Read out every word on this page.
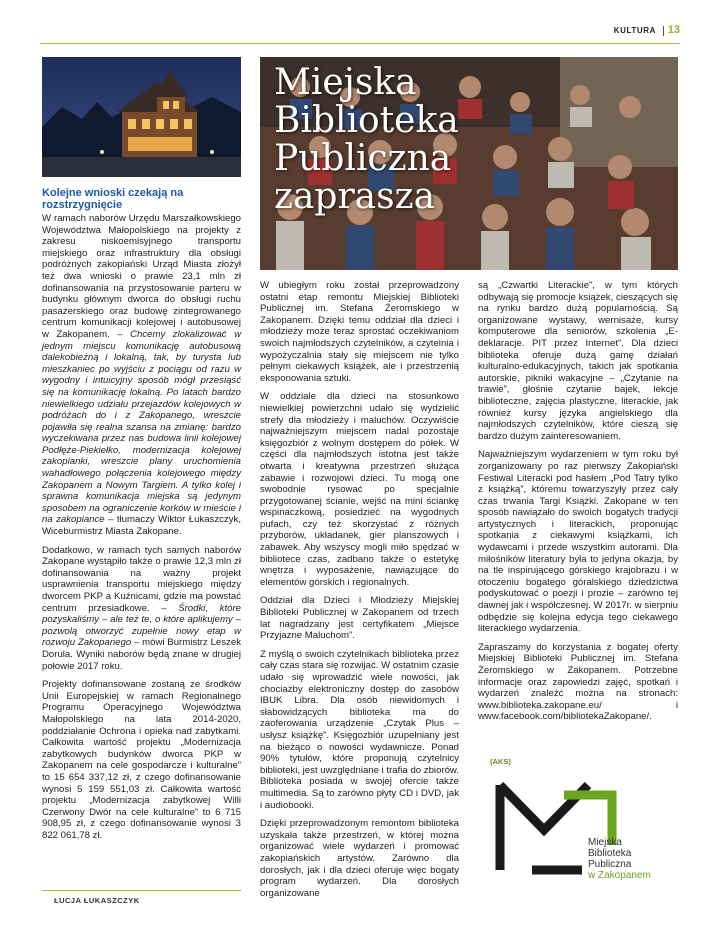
KULTURA 13
Miejska
Biblioteka
Publiczna
zaprasza
Kolejne wnioski czekają na rozstrzygnięcie

W ramach naborów Urzędu Marszałkowskiego Województwa Małopolskiego na projekty z zakresu niskoemisyjnego transportu miejskiego oraz infrastruktury dla obsługi podróżnych zakopiański Urząd Miasta złożył też dwa wnioski o prawie 23,1 mln zł dofinansowania na przystosowanie parteru w budynku głównym dworca do obsługi ruchu pasażerskiego oraz budowę zintegrowanego centrum komunikacji kolejowej i autobusowej w Zakopanem. – Chcemy zlokalizować w jednym miejscu komunikację autobusową dalekobieżną i lokalną, tak, by turysta lub mieszkaniec po wyjściu z pociągu od razu w wygodny i intuicyjny sposób mógł przesiąść się na komunikację lokalną. Po latach bardzo niewielkiego udziału przejazdów kolejowych w podróżach do i z Zakopanego, wreszcie pojawiła się realna szansa na zmianę: bardzo wyczekiwana przez nas budowa linii kolejowej Podłęże-Piekiełko, modernizacja kolejowej zakopianki, wreszcie plany uruchomienia wahadłowego połączenia kolejowego między Zakopanem a Nowym Targiem. A tylko kolej i sprawna komunikacja miejska są jedynym sposobem na ograniczenie korków w mieście i na zakopiance – tłumaczy Wiktor Łukaszczyk, Wiceburmistrz Miasta Zakopane.

Dodatkowo, w ramach tych samych naborów Zakopane wystąpiło także o prawie 12,3 mln zł dofinansowania na ważny projekt usprawnienia transportu miejskiego między dworcem PKP a Kuźnicami, gdzie ma powstać centrum przesiadkowe. – Środki, które pozyskaliśmy – ale też te, o które aplikujemy – pozwolą otworzyć zupełnie nowy etap w rozwoju Zakopanego – mówi Burmistrz Leszek Dorula. Wyniki naborów będą znane w drugiej połowie 2017 roku.

Projekty dofinansowane zostaną ze środków Unii Europejskiej w ramach Regionalnego Programu Operacyjnego Województwa Małopolskiego na lata 2014-2020, poddziałanie Ochrona i opieka nad zabytkami. Całkowita wartość projektu „Modernizacja zabytkowych budynków dworca PKP w Zakopanem na cele gospodarcze i kulturalne” to 15 654 337,12 zł, z czego dofinansowanie wynosi 5 159 551,03 zł. Całkowita wartość projektu „Modernizacja zabytkowej Willi Czerwony Dwór na cele kulturalne” to 6 715 908,95 zł, z czego dofinansowanie wynosi 3 822 061,78 zł.

ŁUCJA ŁUKASZCZYK

W ubiegłym roku został przeprowadzony ostatni etap remontu Miejskiej Biblioteki Publicznej im. Stefana Żeromskiego w Zakopanem. Dzięki temu oddział dla dzieci i młodzieży może teraz sprostać oczekiwaniom swoich najmłodszych czytelników, a czytelnia i wypożyczalnia stały się miejscem nie tylko pełnym ciekawych książek, ale i przestrzenią eksponowania sztuki.

W oddziale dla dzieci na stosunkowo niewielkiej powierzchni udało się wydzielić strefy dla młodzieży i maluchów. Oczywiście najważniejszym miejscem nadal pozostaje księgozbiór z wolnym dostępem do półek. W części dla najmłodszych istotna jest także otwarta i kreatywna przestrzeń służąca zabawie i rozwojowi dzieci. Tu mogą one swobodnie rysować po specjalnie przygotowanej ścianie, wejść na mini ściankę wspinaczkową, posiedzieć na wygodnych pufach, czy też skorzystać z różnych przyborów, układanek, gier planszowych i zabawek. Aby wszyscy mogli miło spędzać w bibliotece czas, zadbano także o estetykę wnętrza i wyposażenie, nawiązujące do elementów górskich i regionalnych.

Oddział dla Dzieci i Młodzieży Miejskiej Biblioteki Publicznej w Zakopanem od trzech lat nagradzany jest certyfikatem „Miejsce Przyjazne Maluchom”.

Z myślą o swoich czytelnikach biblioteka przez cały czas stara się rozwijać. W ostatnim czasie udało się wprowadzić wiele nowości, jak chociażby elektroniczny dostęp do zasobów IBUK Libra. Dla osób niewidomych i słabowidzących biblioteka ma do zaoferowania urządzenie „Czytak Plus – usłysz książkę”. Księgozbiór uzupełniany jest na bieżąco o nowości wydawnicze. Ponad 90% tytułów, które proponują czytelnicy biblioteki, jest uwzględniane i trafia do zbiorów. Biblioteka posiada w swojej ofercie także multimedia. Są to zarówno płyty CD i DVD, jak i audiobooki.

Dzięki przeprowadzonym remontom biblioteka uzyskała także przestrzeń, w której można organizować wiele wydarzeń i promować zakopiańskich artystów. Zarówno dla dorosłych, jak i dla dzieci oferuje więc bogaty program wydarzeń. Dla dorosłych organizowane

są „Czwartki Literackie”, w tym których odbywają się promocje książek, cieszących się na rynku bardzo dużą popularnością. Są organizowane wystawy, wernisaże, kursy komputerowe dla seniorów, szkolenia „E-deklaracje. PIT przez Internet”. Dla dzieci biblioteka oferuje dużą gamę działań kulturalno-edukacyjnych, takich jak spotkania autorskie, pikniki wakacyjne – „Czytanie na trawie”, głośnie czytanie bajek, lekcje biblioteczne, zajęcia plastyczne, literackie, jak również kursy języka angielskiego dla najmłodszych czytelników, które cieszą się bardzo dużym zainteresowaniem.

Najważniejszym wydarzeniem w tym roku był zorganizowany po raz pierwszy Zakopiański Festiwal Literacki pod hasłem „Pod Tatry tylko z książką”, któremu towarzyszyły przez cały czas trwania Targi Książki. Zakopane w ten sposób nawiązało do swoich bogatych tradycji artystycznych i literackich, proponując spotkania z ciekawymi książkami, ich wydawcami i przede wszystkim autorami. Dla miłośników literatury była to jedyna okazja, by na tle inspirującego górskiego krajobrazu i w otoczeniu bogatego góralskiego dziedzictwa podyskutować o poezji i prozie – zarówno tej dawnej jak i współczesnej. W 2017r. w sierpniu odbędzie się kolejna edycja tego ciekawego literackiego wydarzenia.

Zapraszamy do korzystania z bogatej oferty Miejskiej Biblioteki Publicznej im. Stefana Żeromskiego w Zakopanem. Potrzebne informacje oraz zapowiedzi zajęć, spotkań i wydarzeń znaleźć można na stronach: www.biblioteka.zakopane.eu/ i www.facebook.com/bibliotekaZakopane/.

(AKS)
Miejska
Biblioteka
Publiczna
w Zakopanem
